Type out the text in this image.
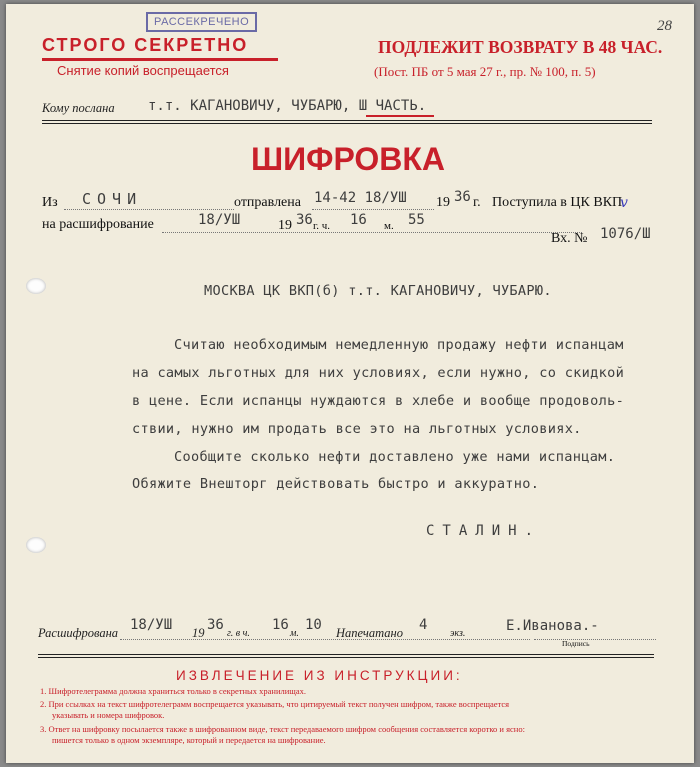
РАССЕКРЕЧЕНО	28
СТРОГО СЕКРЕТНО
Снятие копий воспрещается
ПОДЛЕЖИТ ВОЗВРАТУ В 48 ЧАС.
(Пост. ПБ от 5 мая 27 г., пр. № 100, п. 5)
Кому послана т.т. КАГАНОВИЧУ, ЧУБАРЮ, Ш ЧАСТЬ.
ШИФРОВКА
Из СОЧИ	отправлена 14-42 18/УШ 19 36 г. Поступила в ЦК ВКП
v
на расшифрование	18/УШ	19 36 г. ч. 16 м. 55
Вх. № 1076/Ш
МОСКВА ЦК ВКП(б) т.т. КАГАНОВИЧУ, ЧУБАРЮ.
Считаю необходимым немедленную продажу нефти испанцам
на самых льготных для них условиях, если нужно, со скидкой
в цене. Если испанцы нуждаются в хлебе и вообще продоволь-
ствии, нужно им продать все это на льготных условиях.
Сообщите сколько нефти доставлено уже нами испанцам.
Обяжите Внешторг действовать быстро и аккуратно.
СТАЛИН.
Расшифрована 18/УШ 19 36
г. в ч.
16
м.
10 Напечатано 4
экз.	Е.Иванова.-
Подпись
ИЗВЛЕЧЕНИЕ ИЗ ИНСТРУКЦИИ:
1. Шифротелеграмма должна храниться только в секретных хранилищах.
2. При ссылках на текст шифротелеграмм воспрещается указывать, что цитируемый текст получен шифром, также воспрещается
указывать и номера шифровок.
3. Ответ на шифровку посылается также в шифрованном виде, текст передаваемого шифром сообщения составляется коротко и ясно:
пишется только в одном экземпляре, который и передается на шифрование.
